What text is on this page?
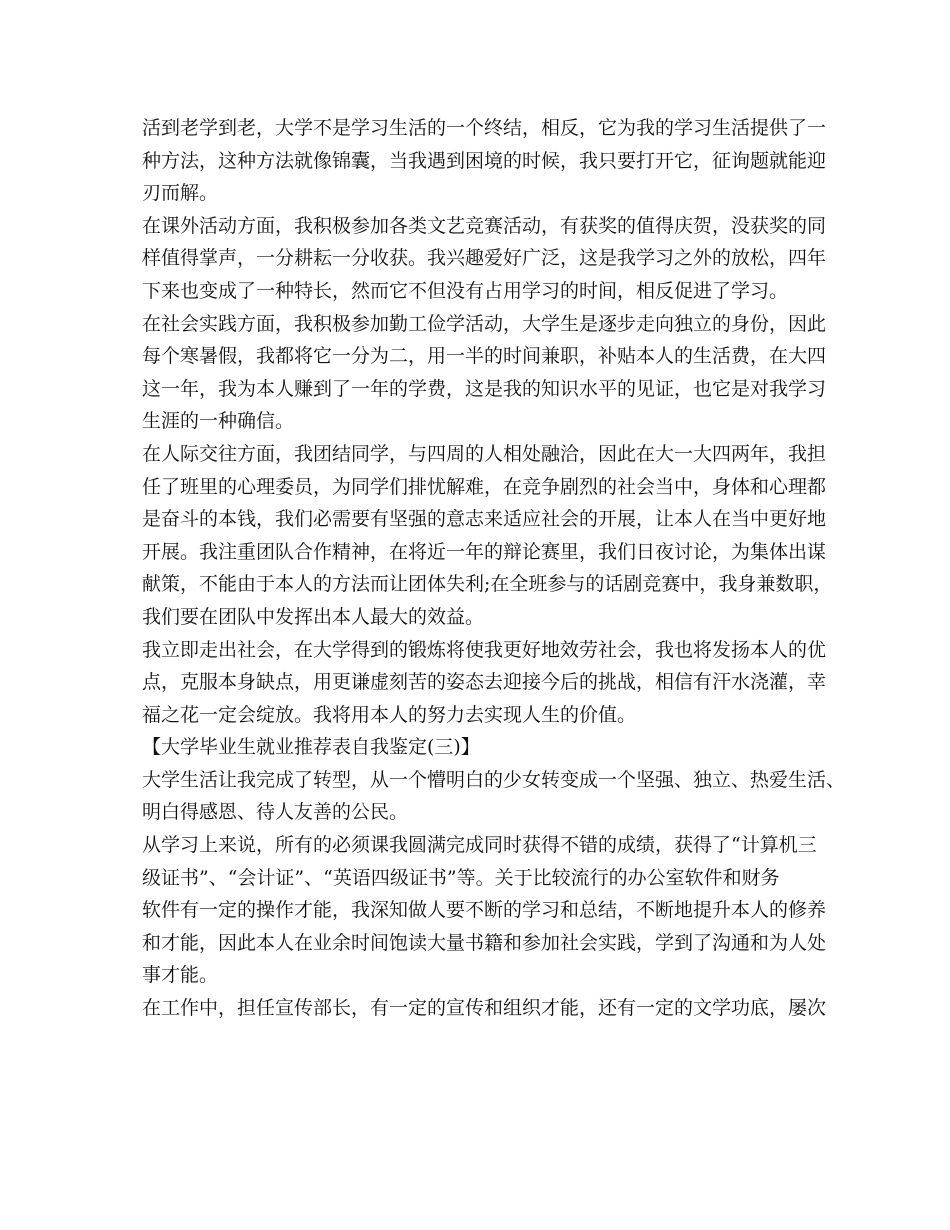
活到老学到老，大学不是学习生活的一个终结，相反，它为我的学习生活提供了一
种方法，这种方法就像锦囊，当我遇到困境的时候，我只要打开它，征询题就能迎
刃而解。
在课外活动方面，我积极参加各类文艺竞赛活动，有获奖的值得庆贺，没获奖的同
样值得掌声，一分耕耘一分收获。我兴趣爱好广泛，这是我学习之外的放松，四年
下来也变成了一种特长，然而它不但没有占用学习的时间，相反促进了学习。
在社会实践方面，我积极参加勤工俭学活动，大学生是逐步走向独立的身份，因此
每个寒暑假，我都将它一分为二，用一半的时间兼职，补贴本人的生活费，在大四
这一年，我为本人赚到了一年的学费，这是我的知识水平的见证，也它是对我学习
生涯的一种确信。
在人际交往方面，我团结同学，与四周的人相处融洽，因此在大一大四两年，我担
任了班里的心理委员，为同学们排忧解难，在竞争剧烈的社会当中，身体和心理都
是奋斗的本钱，我们必需要有坚强的意志来适应社会的开展，让本人在当中更好地
开展。我注重团队合作精神，在将近一年的辩论赛里，我们日夜讨论，为集体出谋
献策，不能由于本人的方法而让团体失利;在全班参与的话剧竞赛中，我身兼数职，
我们要在团队中发挥出本人最大的效益。
我立即走出社会，在大学得到的锻炼将使我更好地效劳社会，我也将发扬本人的优
点，克服本身缺点，用更谦虚刻苦的姿态去迎接今后的挑战，相信有汗水浇灌，幸
福之花一定会绽放。我将用本人的努力去实现人生的价值。
【大学毕业生就业推荐表自我鉴定(三)】
大学生活让我完成了转型，从一个懵明白的少女转变成一个坚强、独立、热爱生活、
明白得感恩、待人友善的公民。
从学习上来说，所有的必须课我圆满完成同时获得不错的成绩，获得了“计算机三
级证书”、“会计证”、“英语四级证书”等。关于比较流行的办公室软件和财务
软件有一定的操作才能，我深知做人要不断的学习和总结，不断地提升本人的修养
和才能，因此本人在业余时间饱读大量书籍和参加社会实践，学到了沟通和为人处
事才能。
在工作中，担任宣传部长，有一定的宣传和组织才能，还有一定的文学功底，屡次
